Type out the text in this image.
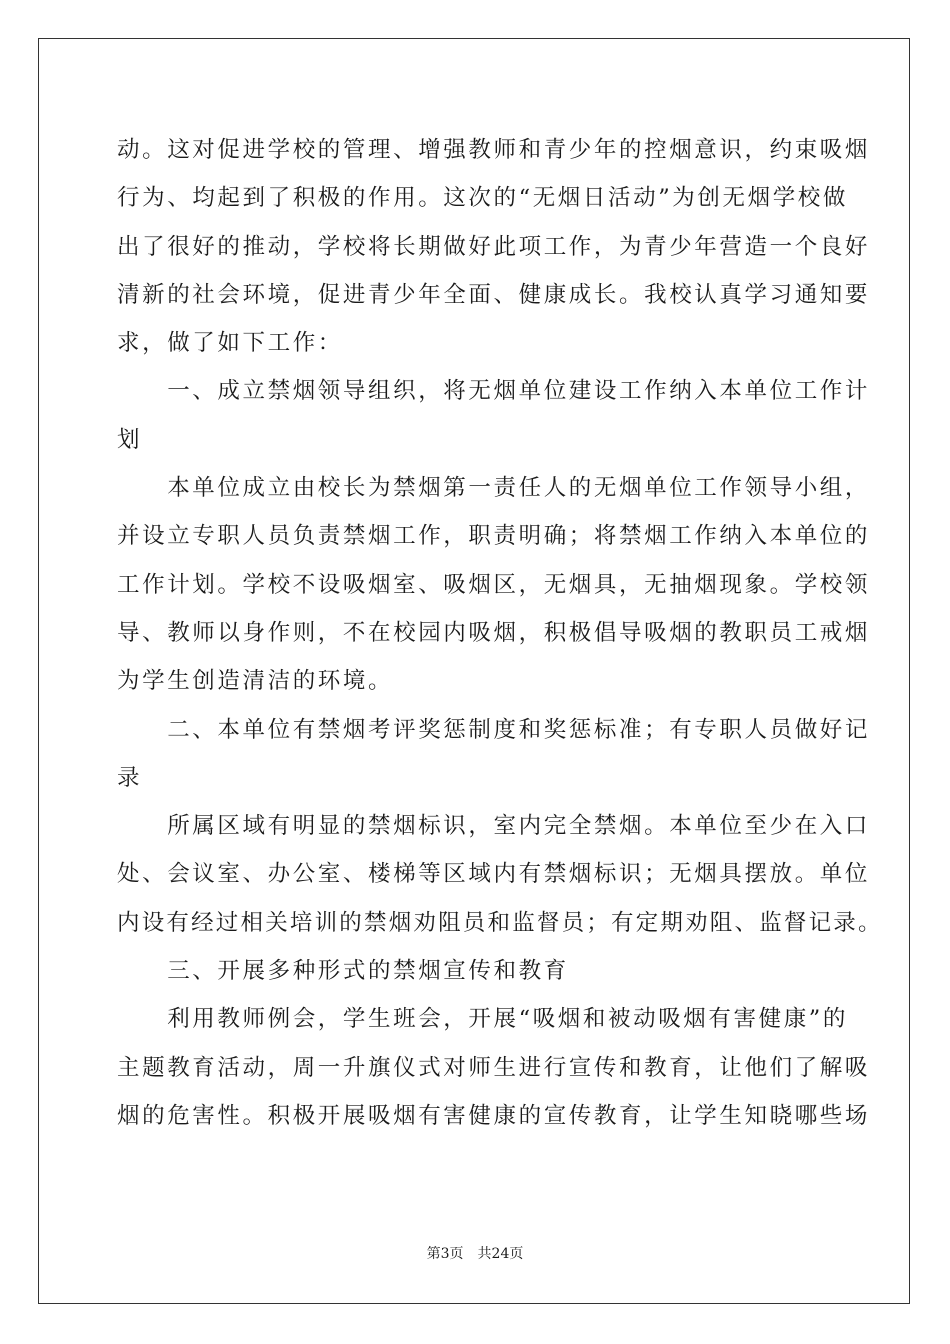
动。这对促进学校的管理、增强教师和青少年的控烟意识，约束吸烟

行为、均起到了积极的作用。这次的“无烟日活动”为创无烟学校做

出了很好的推动，学校将长期做好此项工作，为青少年营造一个良好

清新的社会环境，促进青少年全面、健康成长。我校认真学习通知要

求，做了如下工作：

　　一、成立禁烟领导组织，将无烟单位建设工作纳入本单位工作计

划

　　本单位成立由校长为禁烟第一责任人的无烟单位工作领导小组，

并设立专职人员负责禁烟工作，职责明确；将禁烟工作纳入本单位的

工作计划。学校不设吸烟室、吸烟区，无烟具，无抽烟现象。学校领

导、教师以身作则，不在校园内吸烟，积极倡导吸烟的教职员工戒烟

为学生创造清洁的环境。

　　二、本单位有禁烟考评奖惩制度和奖惩标准；有专职人员做好记

录

　　所属区域有明显的禁烟标识，室内完全禁烟。本单位至少在入口

处、会议室、办公室、楼梯等区域内有禁烟标识；无烟具摆放。单位

内设有经过相关培训的禁烟劝阻员和监督员；有定期劝阻、监督记录。

　　三、开展多种形式的禁烟宣传和教育

　　利用教师例会，学生班会，开展“吸烟和被动吸烟有害健康”的

主题教育活动，周一升旗仪式对师生进行宣传和教育，让他们了解吸

烟的危害性。积极开展吸烟有害健康的宣传教育，让学生知晓哪些场

第3页 共24页
